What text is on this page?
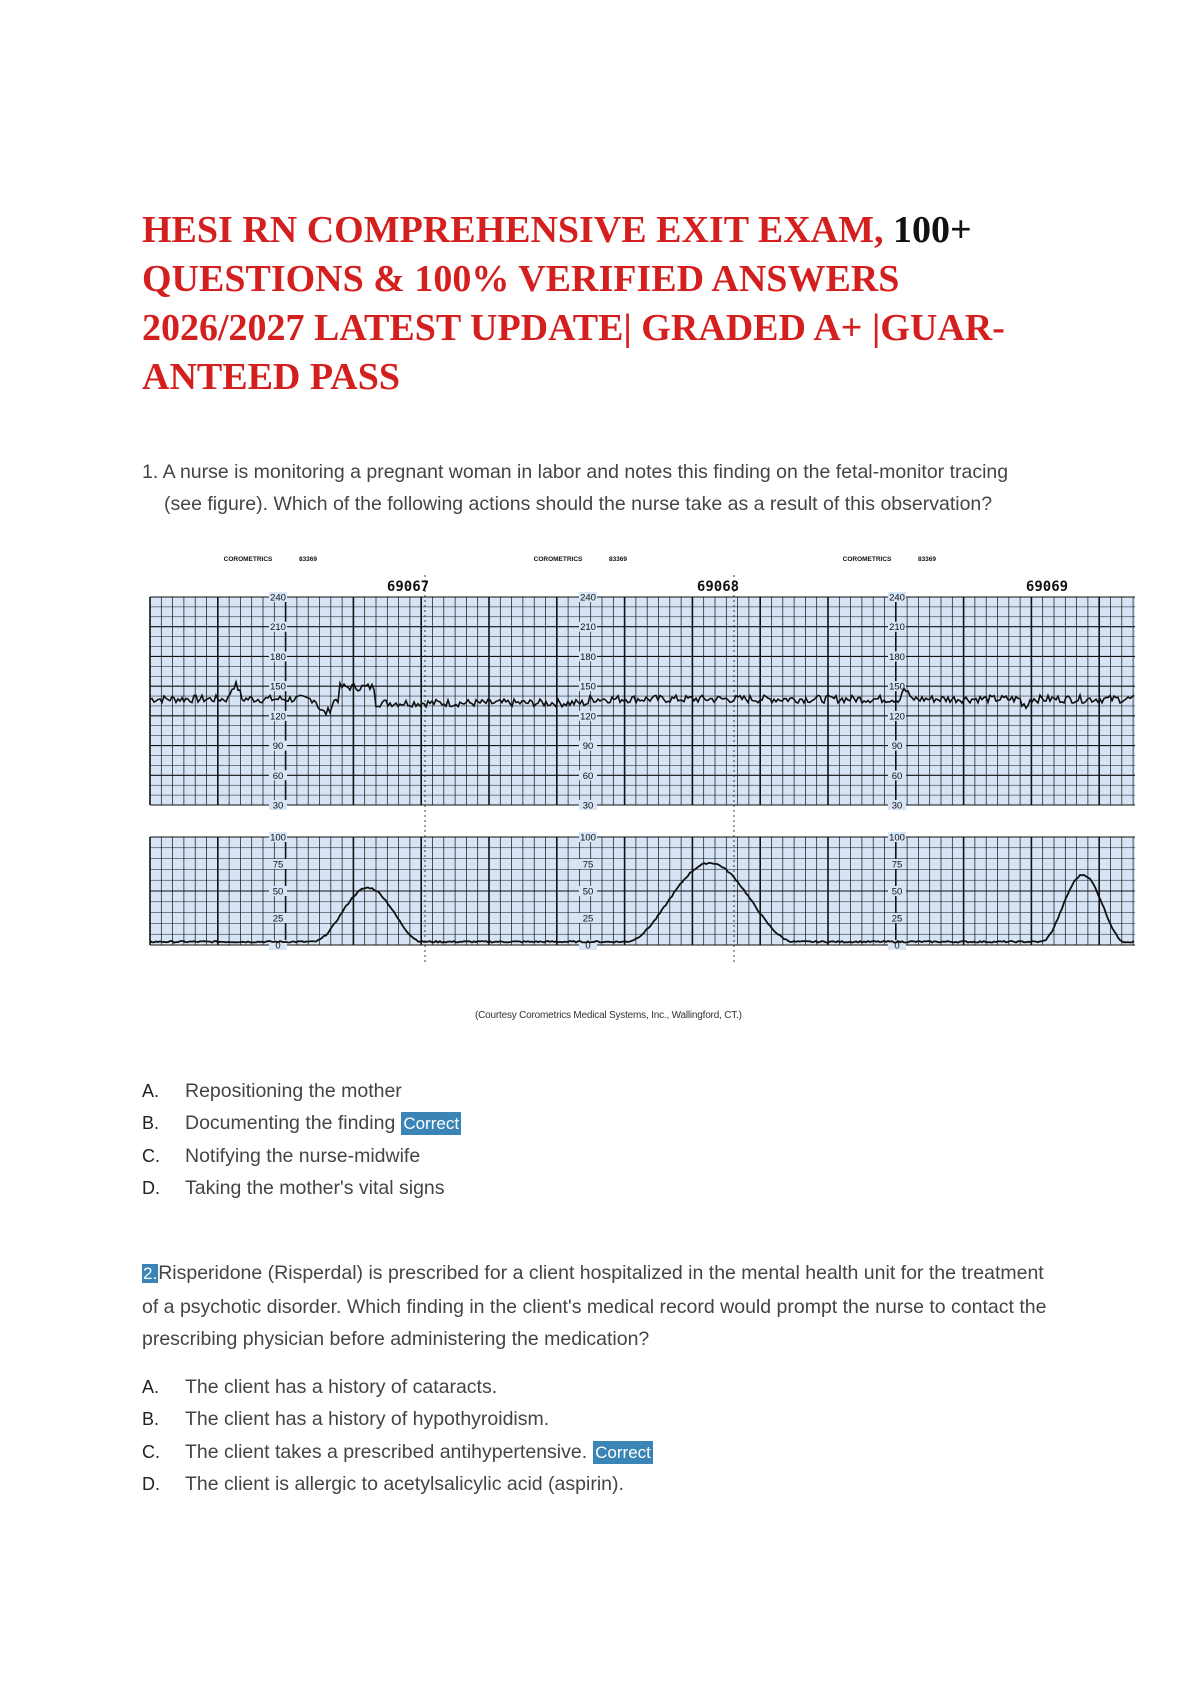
HESI RN COMPREHENSIVE EXIT EXAM, 100+ QUESTIONS & 100% VERIFIED ANSWERS 2026/2027 LATEST UPDATE| GRADED A+ |GUAR-ANTEED PASS
1. A nurse is monitoring a pregnant woman in labor and notes this finding on the fetal-monitor tracing
(see figure). Which of the following actions should the nurse take as a result of this observation?
240
210
180
150
120
90
60
30
100
75
50
25
0
COROMETRICS	83369
69067
240
210
180
150
120
90
60
30
100
75
50
25
0
COROMETRICS	83369
69068
240
210
180
150
120
90
60
30
100
75
50
25
0
COROMETRICS	83369
69069
(Courtesy Corometrics Medical Systems, Inc., Wallingford, CT.)
A.	Repositioning the mother
B.	Documenting the finding Correct
C.	Notifying the nurse-midwife
D.	Taking the mother's vital signs
2.Risperidone (Risperdal) is prescribed for a client hospitalized in the mental health unit for the treatment of a psychotic disorder. Which finding in the client's medical record would prompt the nurse to contact the prescribing physician before administering the medication?
A.	The client has a history of cataracts.
B.	The client has a history of hypothyroidism.
C.	The client takes a prescribed antihypertensive. Correct
D.	The client is allergic to acetylsalicylic acid (aspirin).
